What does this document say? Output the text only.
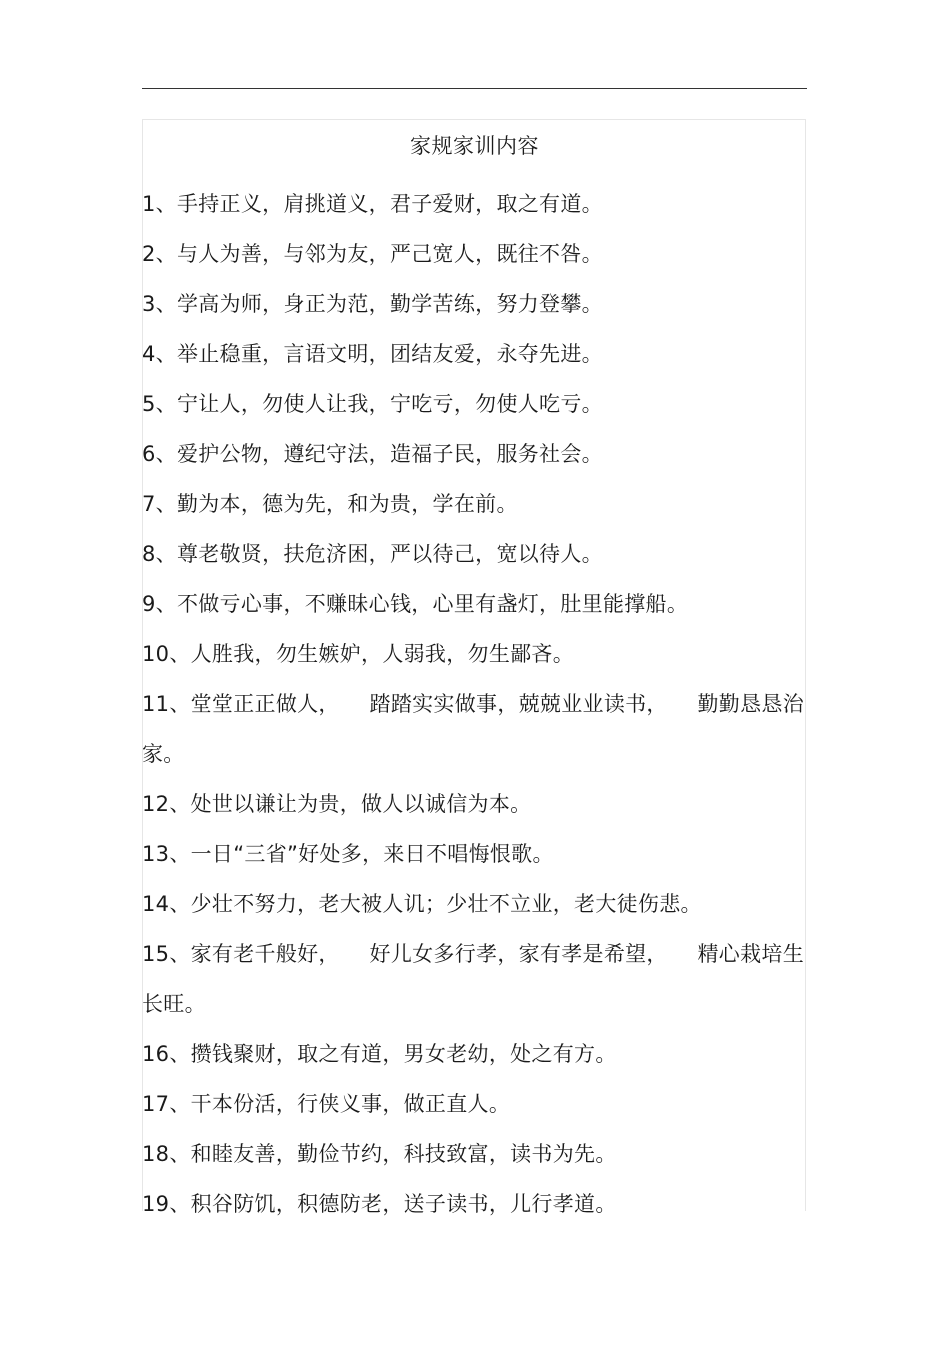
家规家训内容
1、手持正义，肩挑道义，君子爱财，取之有道。
2、与人为善，与邻为友，严己宽人，既往不咎。
3、学高为师，身正为范，勤学苦练，努力登攀。
4、举止稳重，言语文明，团结友爱，永夺先进。
5、宁让人，勿使人让我，宁吃亏，勿使人吃亏。
6、爱护公物，遵纪守法，造福子民，服务社会。
7、勤为本，德为先，和为贵，学在前。
8、尊老敬贤，扶危济困，严以待己，宽以待人。
9、不做亏心事，不赚昧心钱，心里有盏灯，肚里能撑船。
10、人胜我，勿生嫉妒，人弱我，勿生鄙吝。
11、堂堂正正做人， 踏踏实实做事，兢兢业业读书， 勤勤恳恳治
家。
12、处世以谦让为贵，做人以诚信为本。
13、一日“三省”好处多，来日不唱悔恨歌。
14、少壮不努力，老大被人讥；少壮不立业，老大徒伤悲。
15、家有老千般好， 好儿女多行孝，家有孝是希望， 精心栽培生
长旺。
16、攒钱聚财，取之有道，男女老幼，处之有方。
17、干本份活，行侠义事，做正直人。
18、和睦友善，勤俭节约，科技致富，读书为先。
19、积谷防饥，积德防老，送子读书，儿行孝道。
